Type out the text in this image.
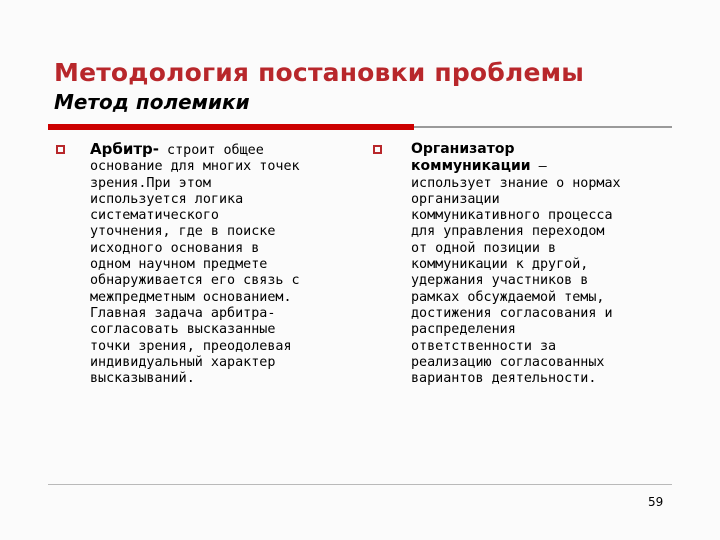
Методология постановки проблемы
Метод полемики
Арбитр- строит общее
основание для многих точек
зрения.При этом
используется логика
систематического
уточнения, где в поиске
исходного основания в
одном научном предмете
обнаруживается его связь с
межпредметным основанием.
Главная задача арбитра-
согласовать высказанные
точки зрения, преодолевая
индивидуальный характер
высказываний.
Организатор
коммуникации –
использует знание о нормах
организации
коммуникативного процесса
для управления переходом
от одной позиции в
коммуникации к другой,
удержания участников в
рамках обсуждаемой темы,
достижения согласования и
распределения
ответственности за
реализацию согласованных
вариантов деятельности.
59
